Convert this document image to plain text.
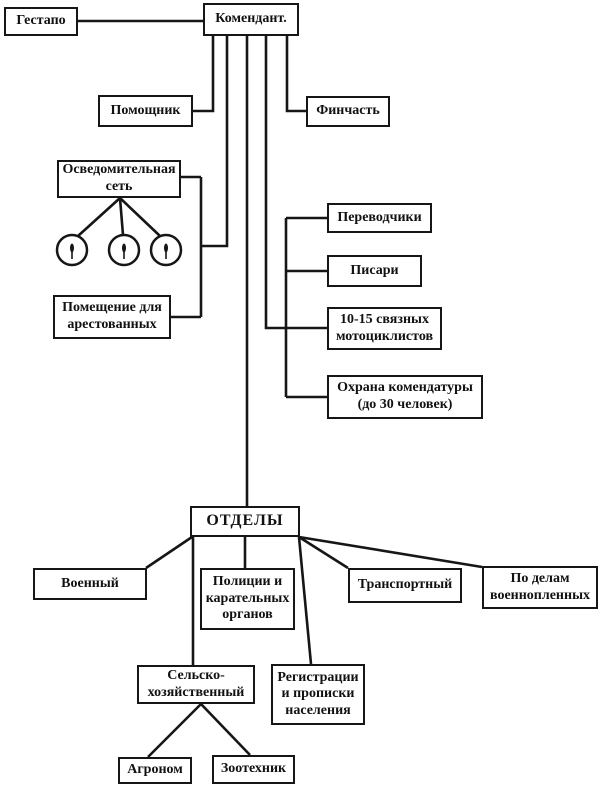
Гестапо	Комендант.
Помощник	Финчасть
Осведомительная сеть
Помещение для арестованных
Переводчики
Писари
10-15 связных мотоциклистов
Охрана комендатуры (до 30 человек)
ОТДЕЛЫ
Военный	Полиции и карательных органов
Транспортный	По делам военнопленных
Сельско-хозяйственный
Регистрации и прописки населения
Агроном	Зоотехник
